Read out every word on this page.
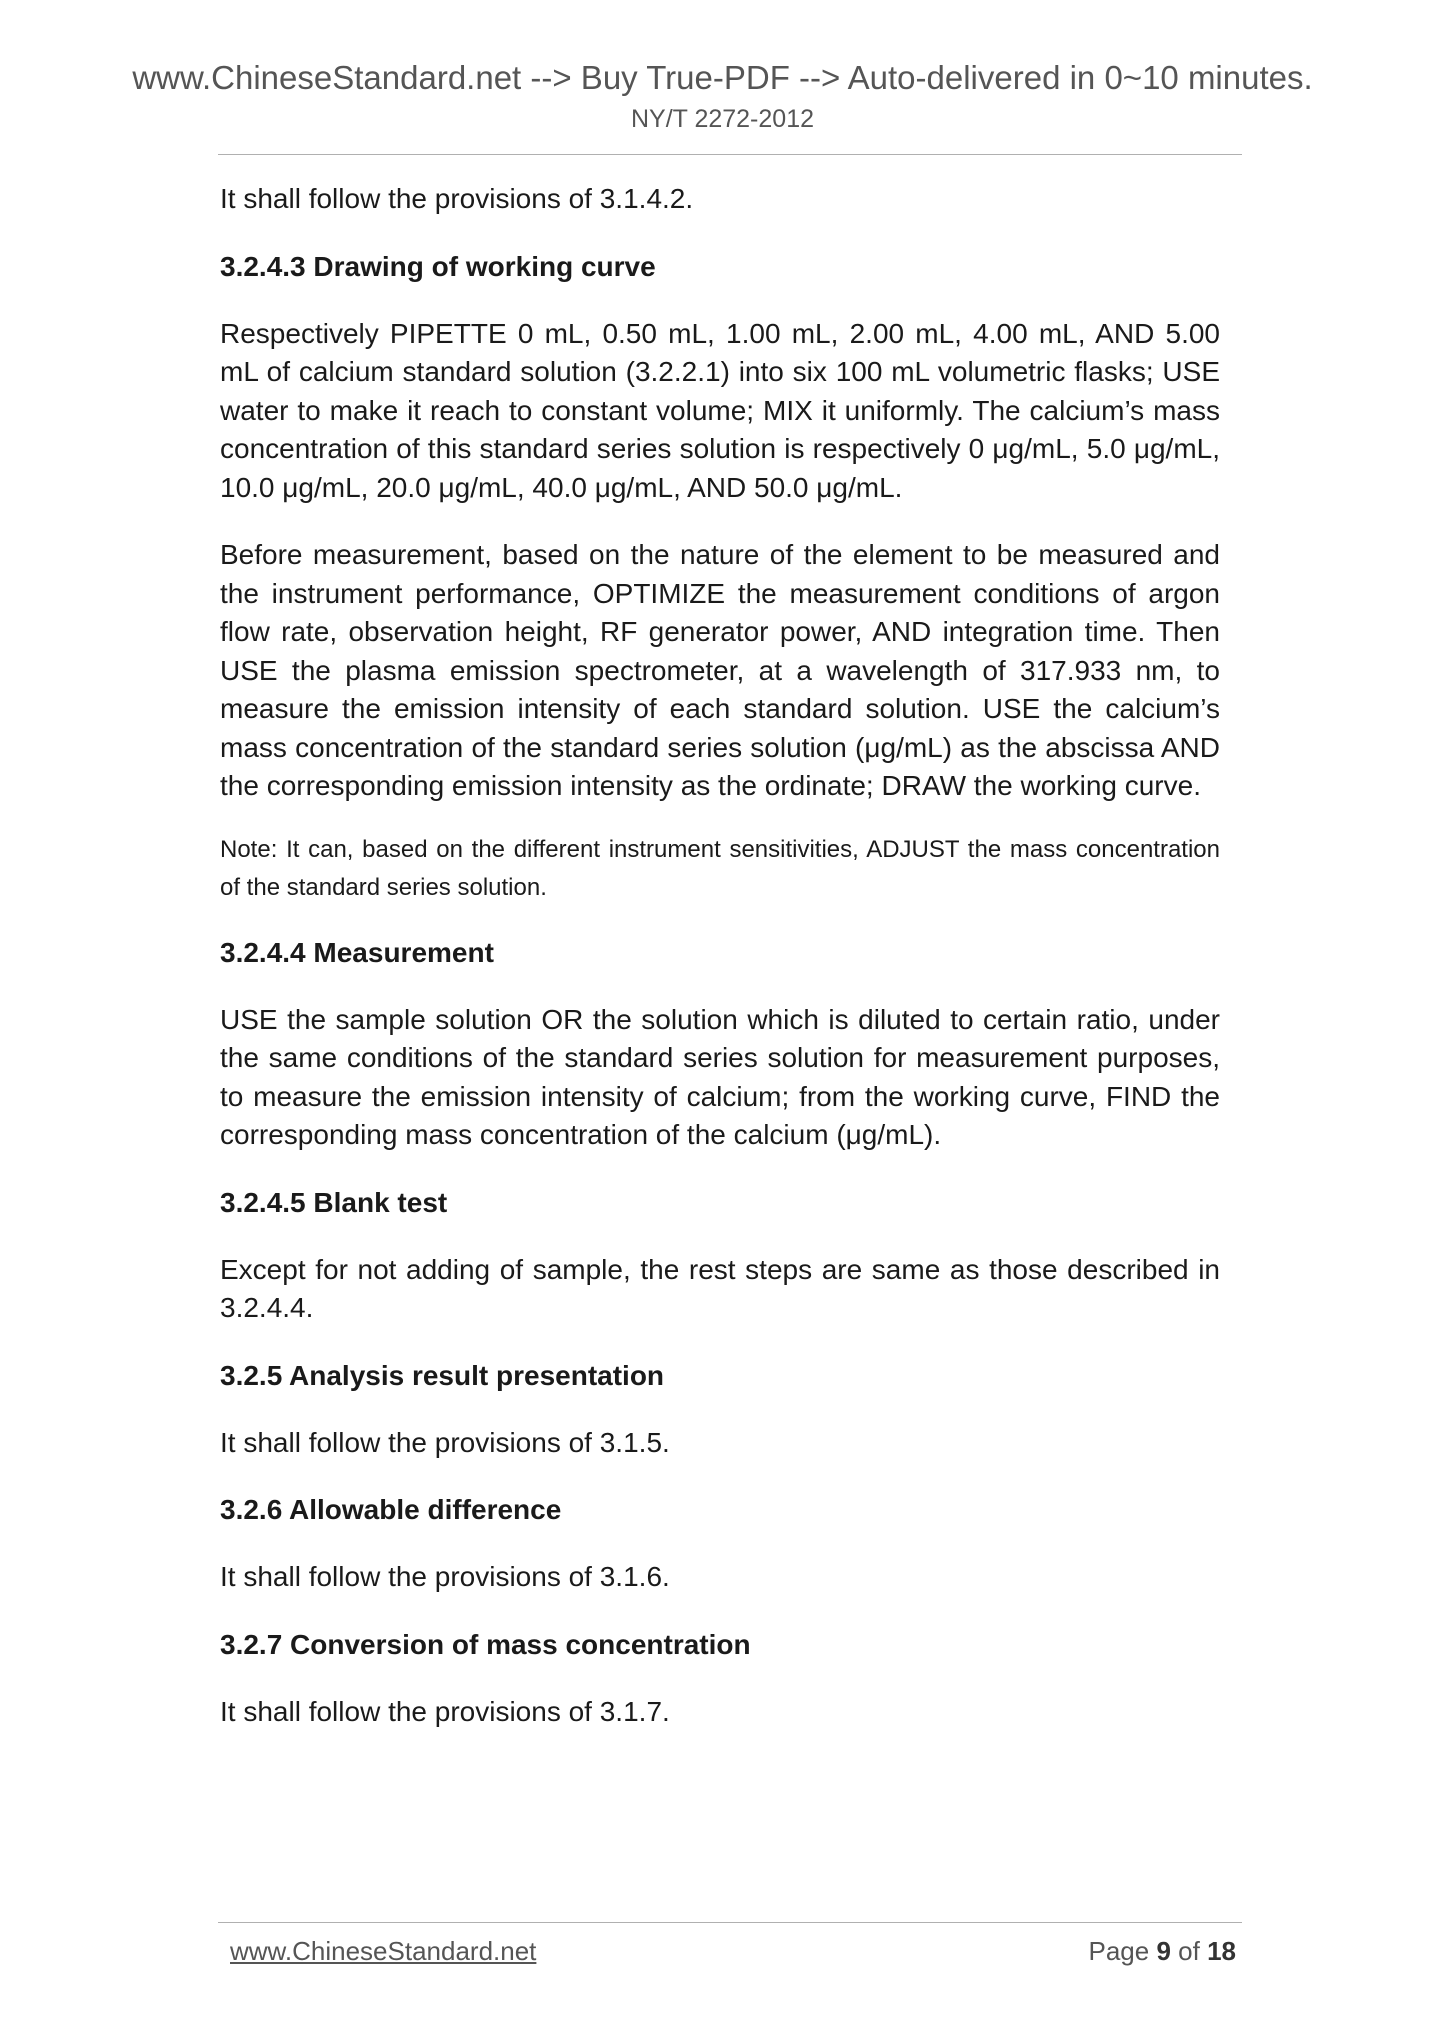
www.ChineseStandard.net --> Buy True-PDF --> Auto-delivered in 0~10 minutes.
NY/T 2272-2012

It shall follow the provisions of 3.1.4.2.

3.2.4.3 Drawing of working curve

Respectively PIPETTE 0 mL, 0.50 mL, 1.00 mL, 2.00 mL, 4.00 mL, AND 5.00 mL of calcium standard solution (3.2.2.1) into six 100 mL volumetric flasks; USE water to make it reach to constant volume; MIX it uniformly. The calcium’s mass concentration of this standard series solution is respectively 0 μg/mL, 5.0 μg/mL, 10.0 μg/mL, 20.0 μg/mL, 40.0 μg/mL, AND 50.0 μg/mL.

Before measurement, based on the nature of the element to be measured and the instrument performance, OPTIMIZE the measurement conditions of argon flow rate, observation height, RF generator power, AND integration time. Then USE the plasma emission spectrometer, at a wavelength of 317.933 nm, to measure the emission intensity of each standard solution. USE the calcium’s mass concentration of the standard series solution (μg/mL) as the abscissa AND the corresponding emission intensity as the ordinate; DRAW the working curve.

Note: It can, based on the different instrument sensitivities, ADJUST the mass concentration of the standard series solution.

3.2.4.4 Measurement

USE the sample solution OR the solution which is diluted to certain ratio, under the same conditions of the standard series solution for measurement purposes, to measure the emission intensity of calcium; from the working curve, FIND the corresponding mass concentration of the calcium (μg/mL).

3.2.4.5 Blank test

Except for not adding of sample, the rest steps are same as those described in 3.2.4.4.

3.2.5 Analysis result presentation

It shall follow the provisions of 3.1.5.

3.2.6 Allowable difference

It shall follow the provisions of 3.1.6.

3.2.7 Conversion of mass concentration

It shall follow the provisions of 3.1.7.

www.ChineseStandard.net	Page 9 of 18
